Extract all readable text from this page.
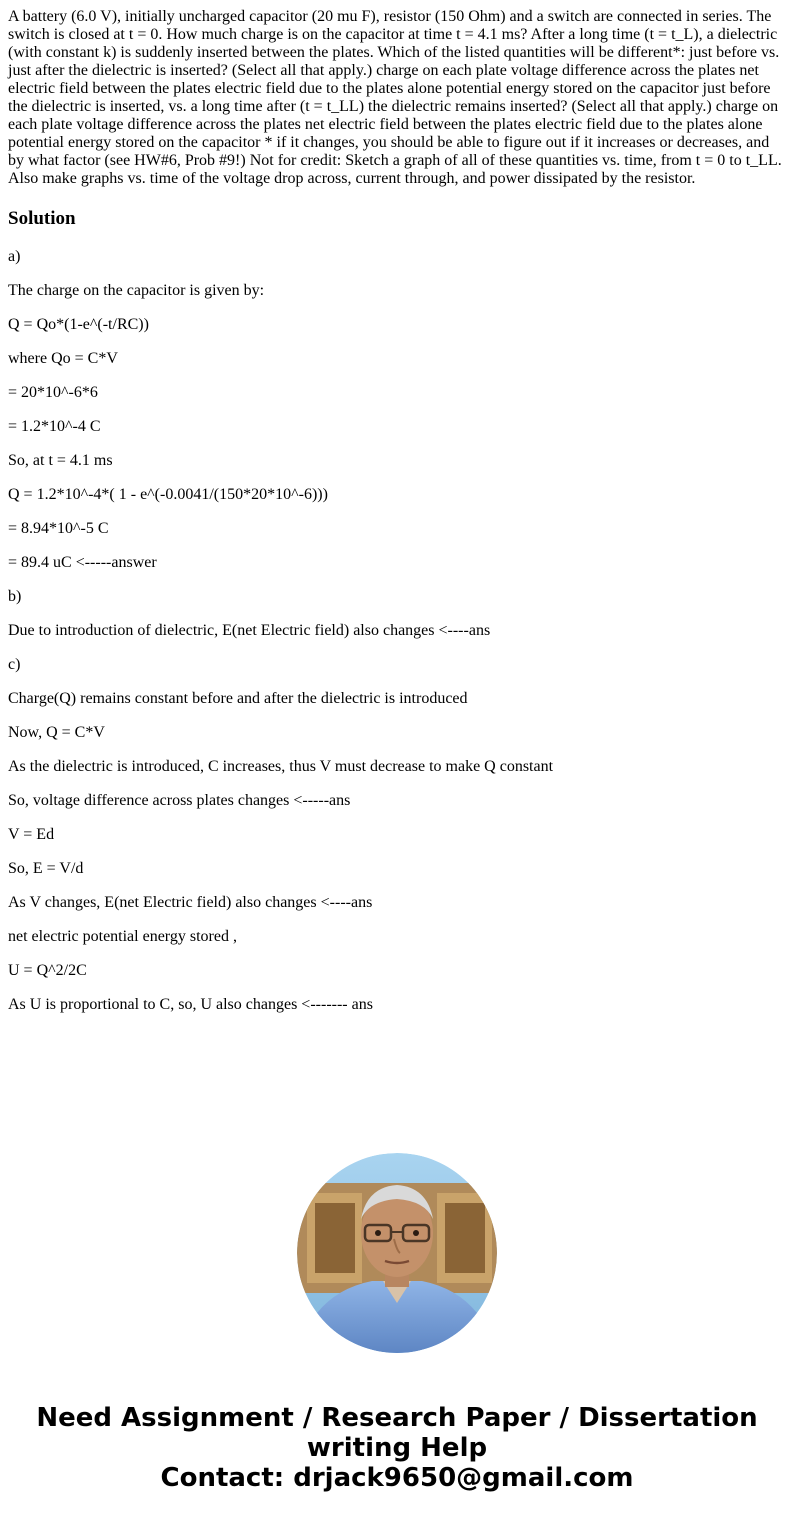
A battery (6.0 V), initially uncharged capacitor (20 mu F), resistor (150 Ohm) and a switch are connected in series. The switch is closed at t = 0. How much charge is on the capacitor at time t = 4.1 ms? After a long time (t = t_L), a dielectric (with constant k) is suddenly inserted between the plates. Which of the listed quantities will be different*: just before vs. just after the dielectric is inserted? (Select all that apply.) charge on each plate voltage difference across the plates net electric field between the plates electric field due to the plates alone potential energy stored on the capacitor just before the dielectric is inserted, vs. a long time after (t = t_LL) the dielectric remains inserted? (Select all that apply.) charge on each plate voltage difference across the plates net electric field between the plates electric field due to the plates alone potential energy stored on the capacitor * if it changes, you should be able to figure out if it increases or decreases, and by what factor (see HW#6, Prob #9!) Not for credit: Sketch a graph of all of these quantities vs. time, from t = 0 to t_LL. Also make graphs vs. time of the voltage drop across, current through, and power dissipated by the resistor.

Solution

a)

The charge on the capacitor is given by:

Q = Qo*(1-e^(-t/RC))

where Qo = C*V

= 20*10^-6*6

= 1.2*10^-4 C

So, at t = 4.1 ms

Q = 1.2*10^-4*( 1 - e^(-0.0041/(150*20*10^-6)))

= 8.94*10^-5 C

= 89.4 uC <-----answer

b)

Due to introduction of dielectric, E(net Electric field) also changes <----ans

c)

Charge(Q) remains constant before and after the dielectric is introduced

Now, Q = C*V

As the dielectric is introduced, C increases, thus V must decrease to make Q constant

So, voltage difference across plates changes <-----ans

V = Ed

So, E = V/d

As V changes, E(net Electric field) also changes <----ans

net electric potential energy stored ,

U = Q^2/2C

As U is proportional to C, so, U also changes <------- ans

Need Assignment / Research Paper / Dissertation
writing Help
Contact: drjack9650@gmail.com
